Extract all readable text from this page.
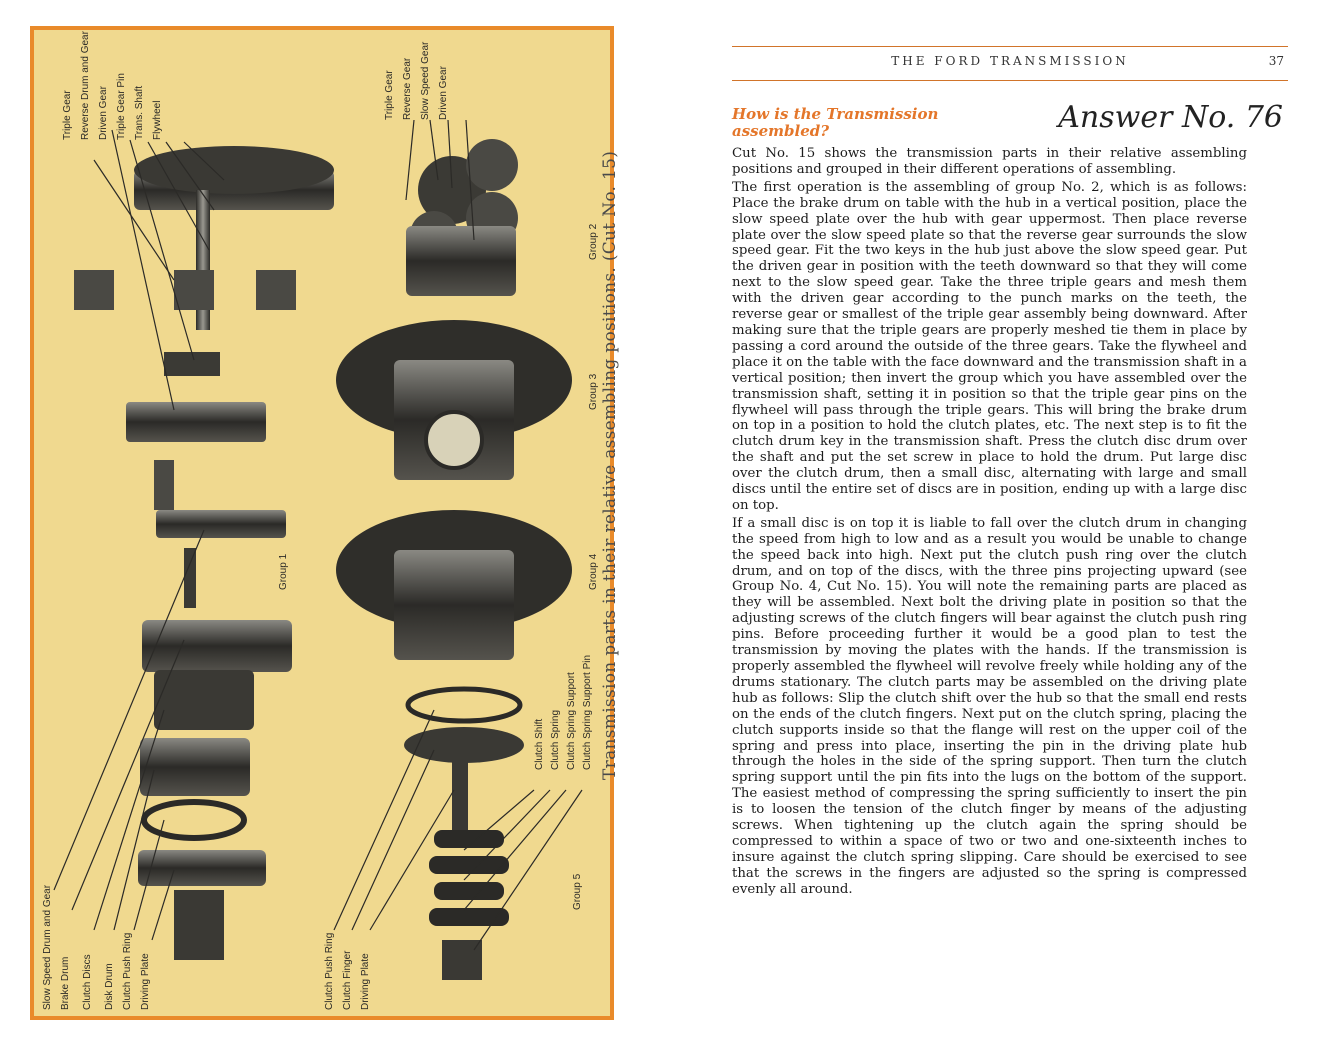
Triple Gear Reverse Drum and Gear Driven Gear Triple Gear Pin Trans. Shaft Flywheel
Triple Gear Reverse Gear Slow Speed Gear Driven Gear
Clutch Shift Clutch Spring Clutch Spring Support Clutch Spring Support Pin
Slow Speed Drum and Gear Brake Drum Clutch Discs Disk Drum Clutch Push Ring Driving Plate	Clutch Push Ring Clutch Finger Driving Plate
Group 1
Group 2
Group 3
Group 4
Group 5
Transmission parts in their relative assembling positions. (Cut No. 15)
THE FORD TRANSMISSION	37
How is the Transmission assembled?	Answer No. 76

Cut No. 15 shows the transmission parts in their relative assembling positions and grouped in their different operations of assembling.

The first operation is the assembling of group No. 2, which is as follows: Place the brake drum on table with the hub in a vertical position, place the slow speed plate over the hub with gear uppermost. Then place reverse plate over the slow speed plate so that the reverse gear surrounds the slow speed gear. Fit the two keys in the hub just above the slow speed gear. Put the driven gear in position with the teeth downward so that they will come next to the slow speed gear. Take the three triple gears and mesh them with the driven gear according to the punch marks on the teeth, the reverse gear or smallest of the triple gear assembly being downward. After making sure that the triple gears are properly meshed tie them in place by passing a cord around the outside of the three gears. Take the flywheel and place it on the table with the face downward and the transmission shaft in a vertical position; then invert the group which you have assembled over the transmission shaft, setting it in position so that the triple gear pins on the flywheel will pass through the triple gears. This will bring the brake drum on top in a position to hold the clutch plates, etc. The next step is to fit the clutch drum key in the transmission shaft. Press the clutch disc drum over the shaft and put the set screw in place to hold the drum. Put large disc over the clutch drum, then a small disc, alternating with large and small discs until the entire set of discs are in position, ending up with a large disc on top.

If a small disc is on top it is liable to fall over the clutch drum in changing the speed from high to low and as a result you would be unable to change the speed back into high. Next put the clutch push ring over the clutch drum, and on top of the discs, with the three pins projecting upward (see Group No. 4, Cut No. 15). You will note the remaining parts are placed as they will be assembled. Next bolt the driving plate in position so that the adjusting screws of the clutch fingers will bear against the clutch push ring pins. Before proceeding further it would be a good plan to test the transmission by moving the plates with the hands. If the transmission is properly assembled the flywheel will revolve freely while holding any of the drums stationary. The clutch parts may be assembled on the driving plate hub as follows: Slip the clutch shift over the hub so that the small end rests on the ends of the clutch fingers. Next put on the clutch spring, placing the clutch supports inside so that the flange will rest on the upper coil of the spring and press into place, inserting the pin in the driving plate hub through the holes in the side of the spring support. Then turn the clutch spring support until the pin fits into the lugs on the bottom of the support. The easiest method of compressing the spring sufficiently to insert the pin is to loosen the tension of the clutch finger by means of the adjusting screws. When tightening up the clutch again the spring should be compressed to within a space of two or two and one-sixteenth inches to insure against the clutch spring slipping. Care should be exercised to see that the screws in the fingers are adjusted so the spring is compressed evenly all around.
